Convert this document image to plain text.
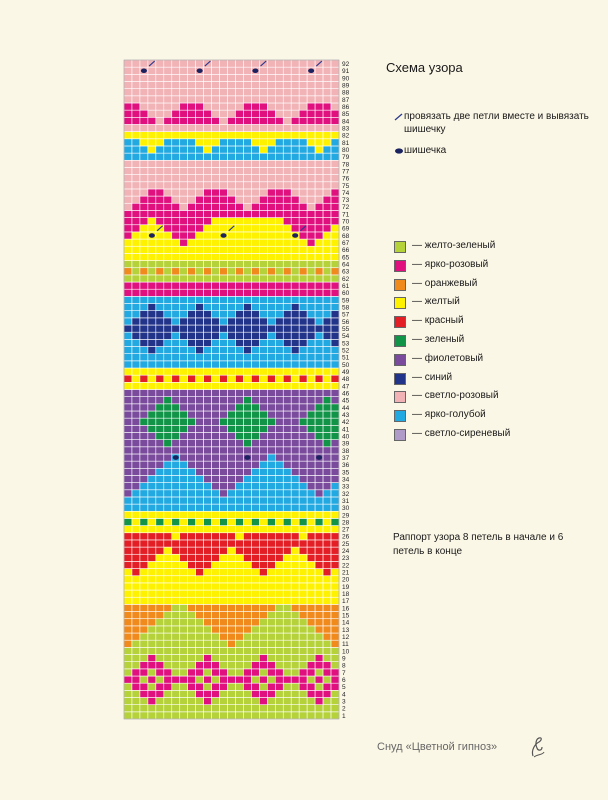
1
2
3
4
5
6
7
8
9
10
11
12
13
14
15
16
17
18
19
20
21
22
23
24
25
26
27
28
29
30
31
32
33
34
35
36
37
38
39
40
41
42
43
44
45
46
47
48
49
50
51
52
53
54
55
56
57
58
59
60
61
62
63
64
65
66
67
68
69
70
71
72
73
74
75
76
77
78
79
80
81
82
83
84
85
86
87
88
89
90
91
92	Схема узора
провязать две петли вместе и вывязать шишечку
шишечка
— желто-зеленый
— ярко-розовый
— оранжевый
— желтый
— красный
— зеленый
— фиолетовый
— синий
— светло-розовый
— ярко-голубой
— светло-сиреневый
Раппорт узора 8 петель в начале и 6 петель в конце
Снуд «Цветной гипноз»
